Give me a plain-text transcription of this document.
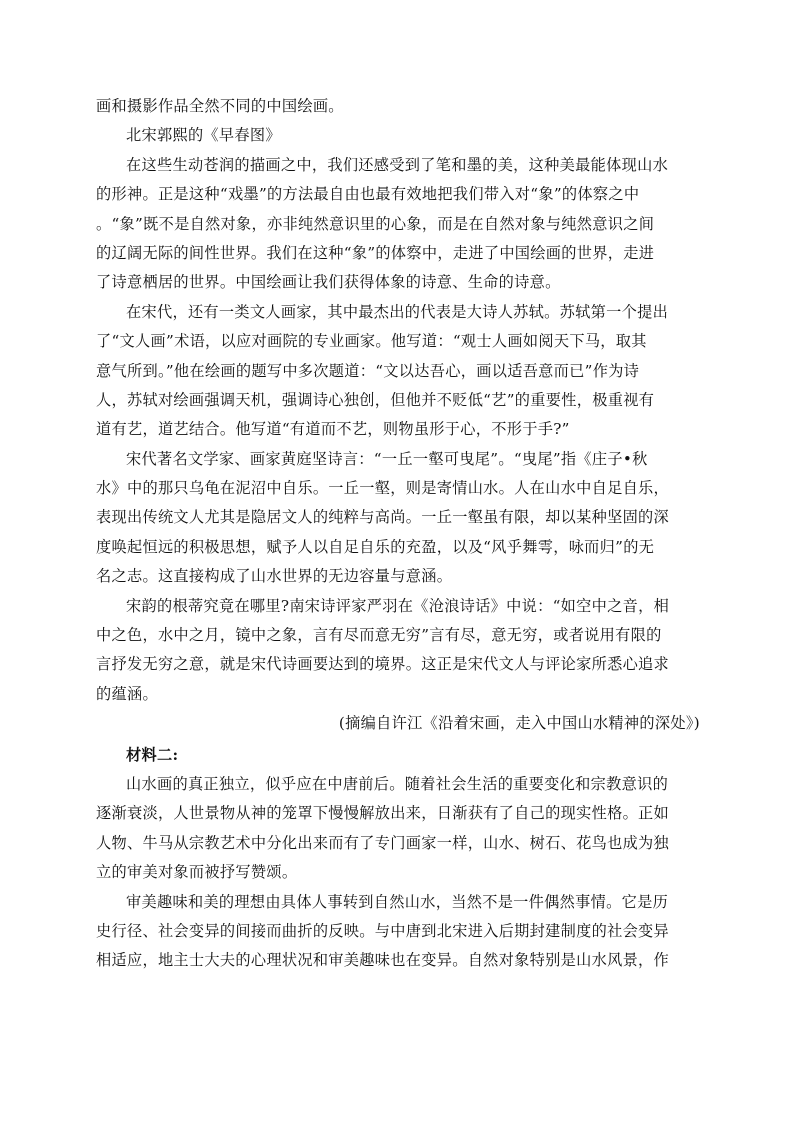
画和摄影作品全然不同的中国绘画。
北宋郭熙的《早春图》
在这些生动苍润的描画之中，我们还感受到了笔和墨的美，这种美最能体现山水
的形神。正是这种“戏墨”的方法最自由也最有效地把我们带入对“象”的体察之中
。“象”既不是自然对象，亦非纯然意识里的心象，而是在自然对象与纯然意识之间
的辽阔无际的间性世界。我们在这种“象”的体察中，走进了中国绘画的世界，走进
了诗意栖居的世界。中国绘画让我们获得体象的诗意、生命的诗意。
在宋代，还有一类文人画家，其中最杰出的代表是大诗人苏轼。苏轼第一个提出
了“文人画”术语，以应对画院的专业画家。他写道：“观士人画如阅天下马，取其
意气所到。”他在绘画的题写中多次题道：“文以达吾心，画以适吾意而已”作为诗
人，苏轼对绘画强调天机，强调诗心独创，但他并不贬低“艺”的重要性，极重视有
道有艺，道艺结合。他写道“有道而不艺，则物虽形于心，不形于手?”
宋代著名文学家、画家黄庭坚诗言：“一丘一壑可曳尾”。“曳尾”指《庄子•秋
水》中的那只乌龟在泥沼中自乐。一丘一壑，则是寄情山水。人在山水中自足自乐，
表现出传统文人尤其是隐居文人的纯粹与高尚。一丘一壑虽有限，却以某种坚固的深
度唤起恒远的积极思想，赋予人以自足自乐的充盈，以及“风乎舞雩，咏而归”的无
名之志。这直接构成了山水世界的无边容量与意涵。
宋韵的根蒂究竟在哪里?南宋诗评家严羽在《沧浪诗话》中说：“如空中之音，相
中之色，水中之月，镜中之象，言有尽而意无穷”言有尽，意无穷，或者说用有限的
言抒发无穷之意，就是宋代诗画要达到的境界。这正是宋代文人与评论家所悉心追求
的蕴涵。
(摘编自许江《沿着宋画，走入中国山水精神的深处》)
材料二:
山水画的真正独立，似乎应在中唐前后。随着社会生活的重要变化和宗教意识的
逐渐衰淡，人世景物从神的笼罩下慢慢解放出来，日渐获有了自己的现实性格。正如
人物、牛马从宗教艺术中分化出来而有了专门画家一样，山水、树石、花鸟也成为独
立的审美对象而被抒写赞颂。
审美趣味和美的理想由具体人事转到自然山水，当然不是一件偶然事情。它是历
史行径、社会变异的间接而曲折的反映。与中唐到北宋进入后期封建制度的社会变异
相适应，地主士大夫的心理状况和审美趣味也在变异。自然对象特别是山水风景，作
